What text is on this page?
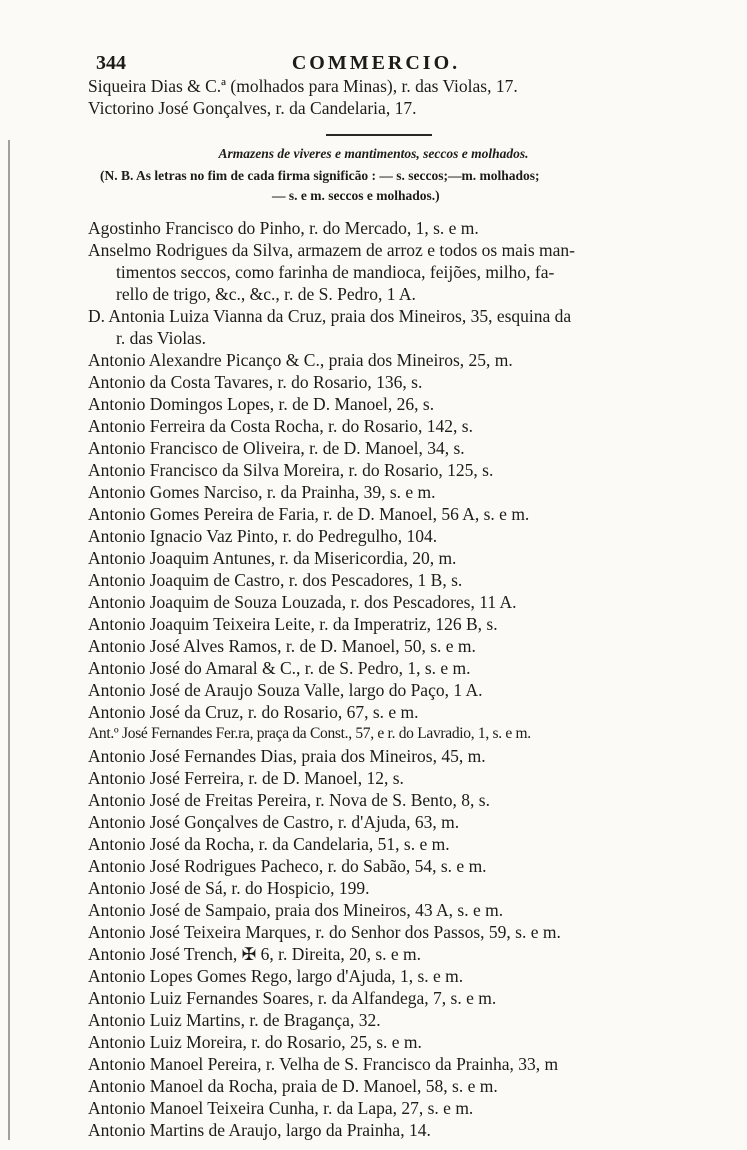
344	COMMERCIO.
Siqueira Dias & C.ª (molhados para Minas), r. das Violas, 17.
Victorino José Gonçalves, r. da Candelaria, 17.
Armazens de viveres e mantimentos, seccos e molhados.
(N. B. As letras no fim de cada firma significão : — s. seccos;—m. molhados;
— s. e m. seccos e molhados.)
Agostinho Francisco do Pinho, r. do Mercado, 1, s. e m.
Anselmo Rodrigues da Silva, armazem de arroz e todos os mais man-
timentos seccos, como farinha de mandioca, feijões, milho, fa-
rello de trigo, &c., &c., r. de S. Pedro, 1 A.
D. Antonia Luiza Vianna da Cruz, praia dos Mineiros, 35, esquina da
r. das Violas.
Antonio Alexandre Picanço & C., praia dos Mineiros, 25, m.
Antonio da Costa Tavares, r. do Rosario, 136, s.
Antonio Domingos Lopes, r. de D. Manoel, 26, s.
Antonio Ferreira da Costa Rocha, r. do Rosario, 142, s.
Antonio Francisco de Oliveira, r. de D. Manoel, 34, s.
Antonio Francisco da Silva Moreira, r. do Rosario, 125, s.
Antonio Gomes Narciso, r. da Prainha, 39, s. e m.
Antonio Gomes Pereira de Faria, r. de D. Manoel, 56 A, s. e m.
Antonio Ignacio Vaz Pinto, r. do Pedregulho, 104.
Antonio Joaquim Antunes, r. da Misericordia, 20, m.
Antonio Joaquim de Castro, r. dos Pescadores, 1 B, s.
Antonio Joaquim de Souza Louzada, r. dos Pescadores, 11 A.
Antonio Joaquim Teixeira Leite, r. da Imperatriz, 126 B, s.
Antonio José Alves Ramos, r. de D. Manoel, 50, s. e m.
Antonio José do Amaral & C., r. de S. Pedro, 1, s. e m.
Antonio José de Araujo Souza Valle, largo do Paço, 1 A.
Antonio José da Cruz, r. do Rosario, 67, s. e m.
Ant.º José Fernandes Fer.ra, praça da Const., 57, e r. do Lavradio, 1, s. e m.
Antonio José Fernandes Dias, praia dos Mineiros, 45, m.
Antonio José Ferreira, r. de D. Manoel, 12, s.
Antonio José de Freitas Pereira, r. Nova de S. Bento, 8, s.
Antonio José Gonçalves de Castro, r. d'Ajuda, 63, m.
Antonio José da Rocha, r. da Candelaria, 51, s. e m.
Antonio José Rodrigues Pacheco, r. do Sabão, 54, s. e m.
Antonio José de Sá, r. do Hospicio, 199.
Antonio José de Sampaio, praia dos Mineiros, 43 A, s. e m.
Antonio José Teixeira Marques, r. do Senhor dos Passos, 59, s. e m.
Antonio José Trench, ✠ 6, r. Direita, 20, s. e m.
Antonio Lopes Gomes Rego, largo d'Ajuda, 1, s. e m.
Antonio Luiz Fernandes Soares, r. da Alfandega, 7, s. e m.
Antonio Luiz Martins, r. de Bragança, 32.
Antonio Luiz Moreira, r. do Rosario, 25, s. e m.
Antonio Manoel Pereira, r. Velha de S. Francisco da Prainha, 33, m
Antonio Manoel da Rocha, praia de D. Manoel, 58, s. e m.
Antonio Manoel Teixeira Cunha, r. da Lapa, 27, s. e m.
Antonio Martins de Araujo, largo da Prainha, 14.
